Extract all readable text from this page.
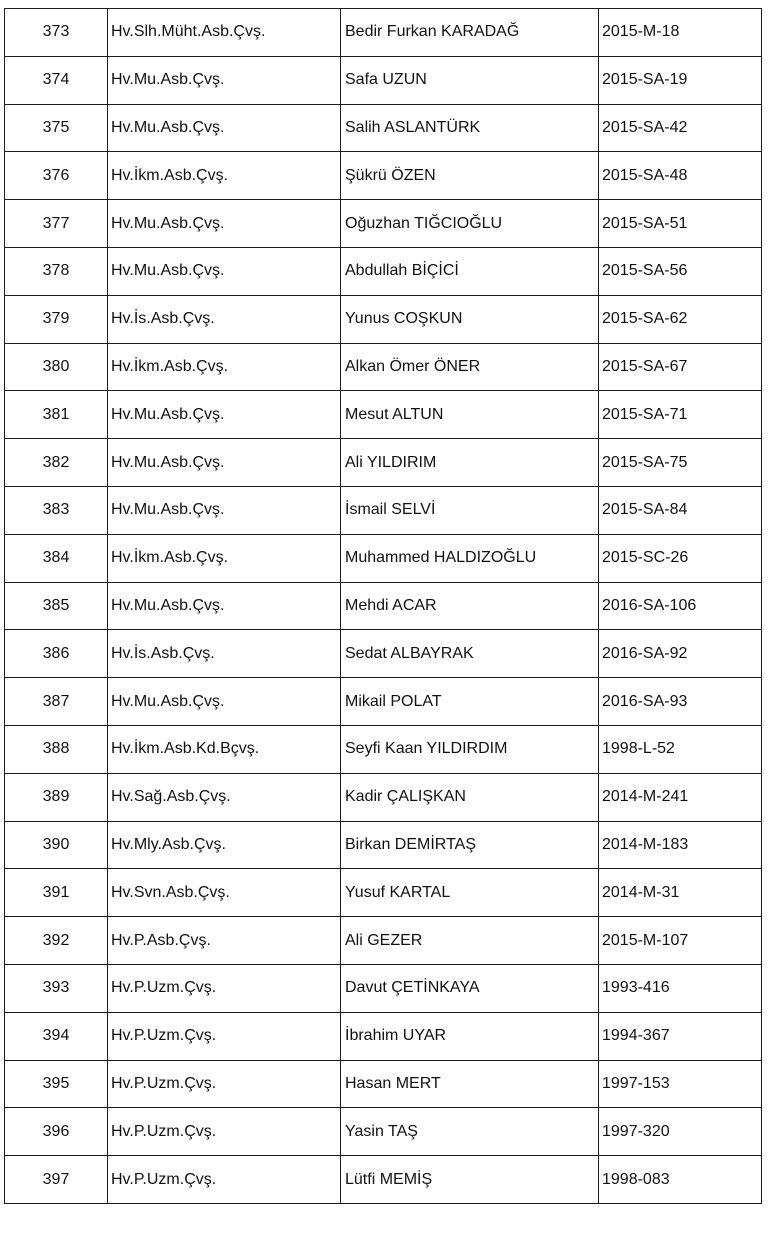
373	Hv.Slh.Müht.Asb.Çvş.	Bedir Furkan KARADAĞ	2015-M-18
374	Hv.Mu.Asb.Çvş.	Safa UZUN	2015-SA-19
375	Hv.Mu.Asb.Çvş.	Salih ASLANTÜRK	2015-SA-42
376	Hv.İkm.Asb.Çvş.	Şükrü ÖZEN	2015-SA-48
377	Hv.Mu.Asb.Çvş.	Oğuzhan TIĞCIOĞLU	2015-SA-51
378	Hv.Mu.Asb.Çvş.	Abdullah BİÇİCİ	2015-SA-56
379	Hv.İs.Asb.Çvş.	Yunus COŞKUN	2015-SA-62
380	Hv.İkm.Asb.Çvş.	Alkan Ömer ÖNER	2015-SA-67
381	Hv.Mu.Asb.Çvş.	Mesut ALTUN	2015-SA-71
382	Hv.Mu.Asb.Çvş.	Ali YILDIRIM	2015-SA-75
383	Hv.Mu.Asb.Çvş.	İsmail SELVİ	2015-SA-84
384	Hv.İkm.Asb.Çvş.	Muhammed HALDIZOĞLU	2015-SC-26
385	Hv.Mu.Asb.Çvş.	Mehdi ACAR	2016-SA-106
386	Hv.İs.Asb.Çvş.	Sedat ALBAYRAK	2016-SA-92
387	Hv.Mu.Asb.Çvş.	Mikail POLAT	2016-SA-93
388	Hv.İkm.Asb.Kd.Bçvş.	Seyfi Kaan YILDIRDIM	1998-L-52
389	Hv.Sağ.Asb.Çvş.	Kadir ÇALIŞKAN	2014-M-241
390	Hv.Mly.Asb.Çvş.	Birkan DEMİRTAŞ	2014-M-183
391	Hv.Svn.Asb.Çvş.	Yusuf KARTAL	2014-M-31
392	Hv.P.Asb.Çvş.	Ali GEZER	2015-M-107
393	Hv.P.Uzm.Çvş.	Davut ÇETİNKAYA	1993-416
394	Hv.P.Uzm.Çvş.	İbrahim UYAR	1994-367
395	Hv.P.Uzm.Çvş.	Hasan MERT	1997-153
396	Hv.P.Uzm.Çvş.	Yasin TAŞ	1997-320
397	Hv.P.Uzm.Çvş.	Lütfi MEMİŞ	1998-083
